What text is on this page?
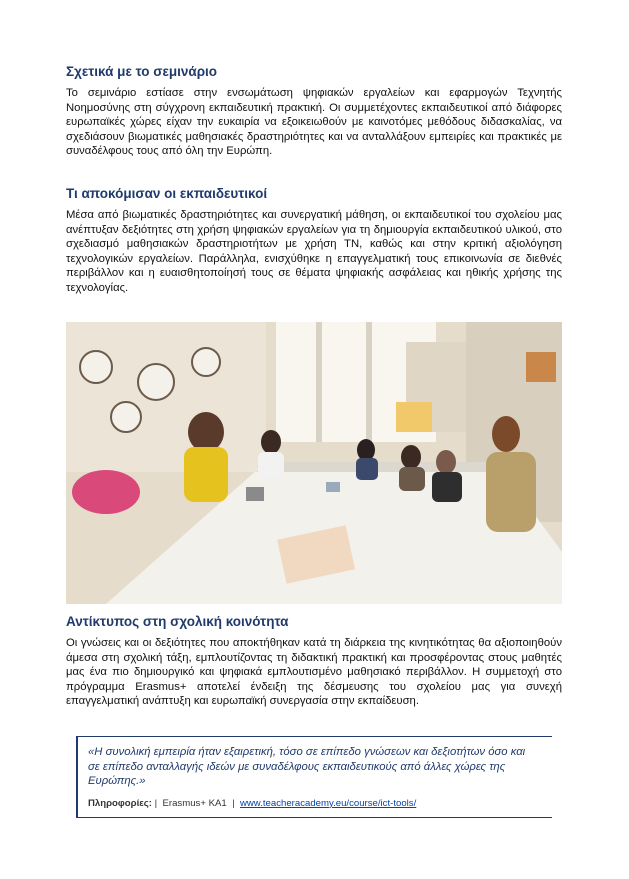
Σχετικά με το σεμινάριο

Το σεμινάριο εστίασε στην ενσωμάτωση ψηφιακών εργαλείων και εφαρμογών Τεχνητής Νοημοσύνης στη σύγχρονη εκπαιδευτική πρακτική. Οι συμμετέχοντες εκπαιδευτικοί από διάφορες ευρωπαϊκές χώρες είχαν την ευκαιρία να εξοικειωθούν με καινοτόμες μεθόδους διδασκαλίας, να σχεδιάσουν βιωματικές μαθησιακές δραστηριότητες και να ανταλλάξουν εμπειρίες και πρακτικές με συναδέλφους τους από όλη την Ευρώπη.

Τι αποκόμισαν οι εκπαιδευτικοί

Μέσα από βιωματικές δραστηριότητες και συνεργατική μάθηση, οι εκπαιδευτικοί του σχολείου μας ανέπτυξαν δεξιότητες στη χρήση ψηφιακών εργαλείων για τη δημιουργία εκπαιδευτικού υλικού, στο σχεδιασμό μαθησιακών δραστηριοτήτων με χρήση ΤΝ, καθώς και στην κριτική αξιολόγηση τεχνολογικών εργαλείων. Παράλληλα, ενισχύθηκε η επαγγελματική τους επικοινωνία σε διεθνές περιβάλλον και η ευαισθητοποίησή τους σε θέματα ψηφιακής ασφάλειας και ηθικής χρήσης της τεχνολογίας.

Αντίκτυπος στη σχολική κοινότητα

Οι γνώσεις και οι δεξιότητες που αποκτήθηκαν κατά τη διάρκεια της κινητικότητας θα αξιοποιηθούν άμεσα στη σχολική τάξη, εμπλουτίζοντας τη διδακτική πρακτική και προσφέροντας στους μαθητές μας ένα πιο δημιουργικό και ψηφιακά εμπλουτισμένο μαθησιακό περιβάλλον. Η συμμετοχή στο πρόγραμμα Erasmus+ αποτελεί ένδειξη της δέσμευσης του σχολείου μας για συνεχή επαγγελματική ανάπτυξη και ευρωπαϊκή συνεργασία στην εκπαίδευση.

«Η συνολική εμπειρία ήταν εξαιρετική, τόσο σε επίπεδο γνώσεων και δεξιοτήτων όσο και σε επίπεδο ανταλλαγής ιδεών με συναδέλφους εκπαιδευτικούς από άλλες χώρες της Ευρώπης.»
Πληροφορίες: | Erasmus+ KA1 | www.teacheracademy.eu/course/ict-tools/
